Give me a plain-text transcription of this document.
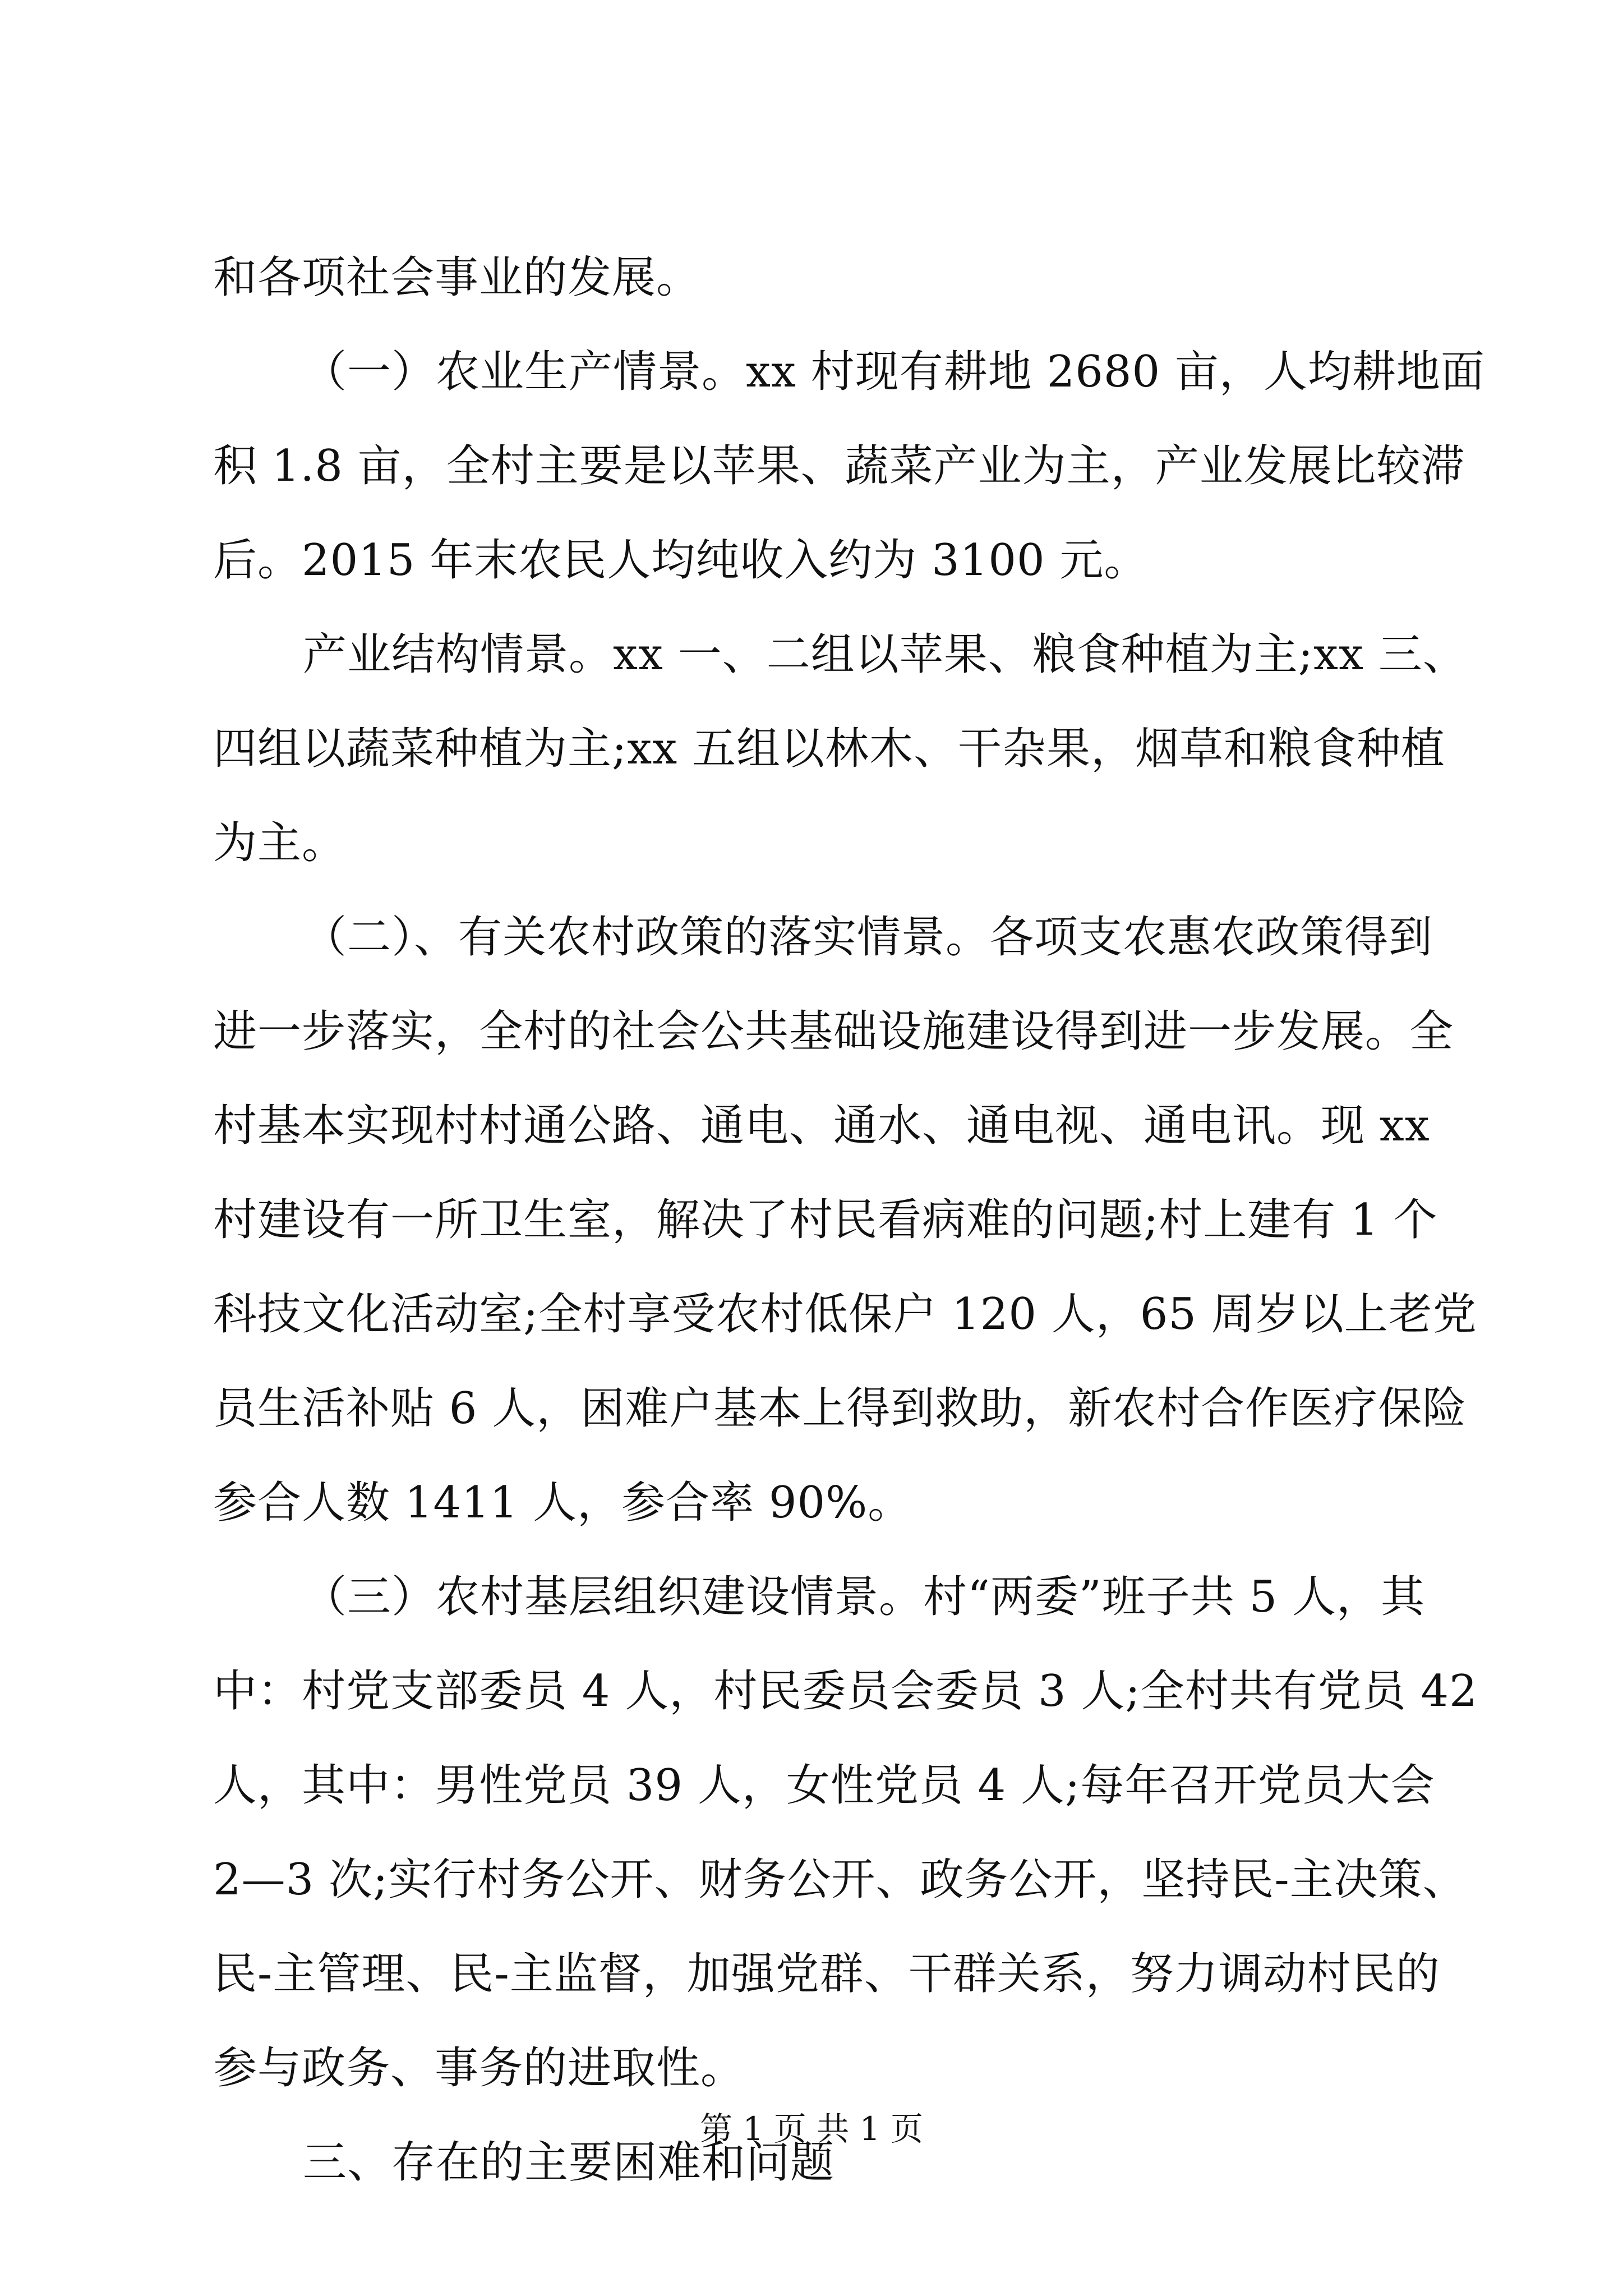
和各项社会事业的发展。
（一）农业生产情景。xx 村现有耕地 2680 亩，人均耕地面
积 1.8 亩，全村主要是以苹果、蔬菜产业为主，产业发展比较滞
后。2015 年末农民人均纯收入约为 3100 元。
产业结构情景。xx 一、二组以苹果、粮食种植为主;xx 三、
四组以蔬菜种植为主;xx 五组以林木、干杂果，烟草和粮食种植
为主。
（二）、有关农村政策的落实情景。各项支农惠农政策得到
进一步落实，全村的社会公共基础设施建设得到进一步发展。全
村基本实现村村通公路、通电、通水、通电视、通电讯。现 xx
村建设有一所卫生室，解决了村民看病难的问题;村上建有 1 个
科技文化活动室;全村享受农村低保户 120 人，65 周岁以上老党
员生活补贴 6 人，困难户基本上得到救助，新农村合作医疗保险
参合人数 1411 人，参合率 90%。
（三）农村基层组织建设情景。村“两委”班子共 5 人，其
中：村党支部委员 4 人，村民委员会委员 3 人;全村共有党员 42
人，其中：男性党员 39 人，女性党员 4 人;每年召开党员大会
2—3 次;实行村务公开、财务公开、政务公开，坚持民-主决策、
民-主管理、民-主监督，加强党群、干群关系，努力调动村民的
参与政务、事务的进取性。
三、存在的主要困难和问题
第 1 页 共 1 页
